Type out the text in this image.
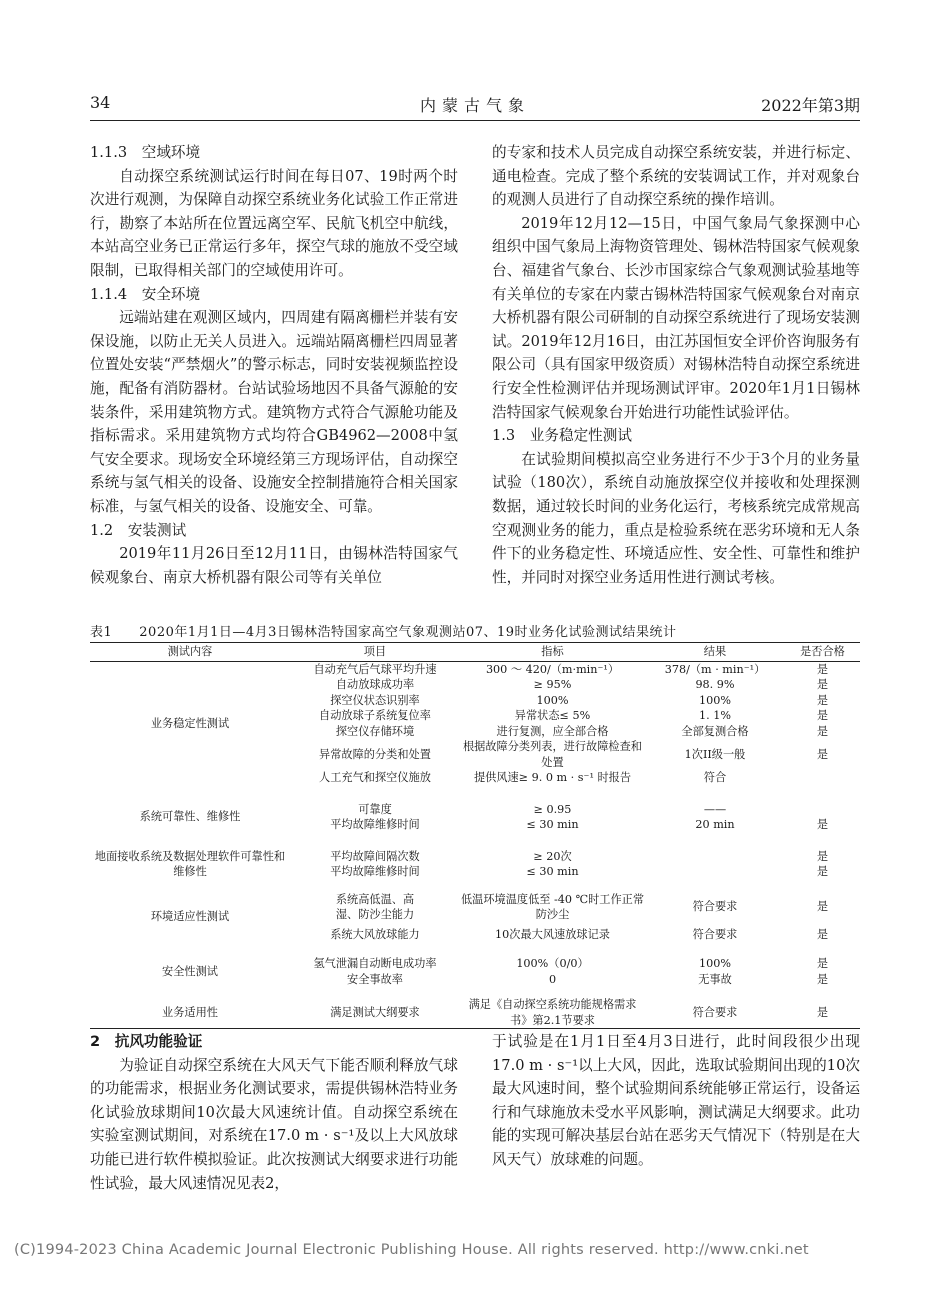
34	内蒙古气象	2022年第3期

1.1.3　空域环境

自动探空系统测试运行时间在每日07、19时两个时次进行观测，为保障自动探空系统业务化试验工作正常进行，勘察了本站所在位置远离空军、民航飞机空中航线，本站高空业务已正常运行多年，探空气球的施放不受空域限制，已取得相关部门的空域使用许可。

1.1.4　安全环境

远端站建在观测区域内，四周建有隔离栅栏并装有安保设施，以防止无关人员进入。远端站隔离栅栏四周显著位置处安装“严禁烟火”的警示标志，同时安装视频监控设施，配备有消防器材。台站试验场地因不具备气源舱的安装条件，采用建筑物方式。建筑物方式符合气源舱功能及指标需求。采用建筑物方式均符合GB4962—2008中氢气安全要求。现场安全环境经第三方现场评估，自动探空系统与氢气相关的设备、设施安全控制措施符合相关国家标准，与氢气相关的设备、设施安全、可靠。

1.2　安装测试

2019年11月26日至12月11日，由锡林浩特国家气候观象台、南京大桥机器有限公司等有关单位

的专家和技术人员完成自动探空系统安装，并进行标定、通电检查。完成了整个系统的安装调试工作，并对观象台的观测人员进行了自动探空系统的操作培训。

2019年12月12—15日，中国气象局气象探测中心组织中国气象局上海物资管理处、锡林浩特国家气候观象台、福建省气象台、长沙市国家综合气象观测试验基地等有关单位的专家在内蒙古锡林浩特国家气候观象台对南京大桥机器有限公司研制的自动探空系统进行了现场安装测试。2019年12月16日，由江苏国恒安全评价咨询服务有限公司（具有国家甲级资质）对锡林浩特自动探空系统进行安全性检测评估并现场测试评审。2020年1月1日锡林浩特国家气候观象台开始进行功能性试验评估。

1.3　业务稳定性测试

在试验期间模拟高空业务进行不少于3个月的业务量试验（180次），系统自动施放探空仪并接收和处理探测数据，通过较长时间的业务化运行，考核系统完成常规高空观测业务的能力，重点是检验系统在恶劣环境和无人条件下的业务稳定性、环境适应性、安全性、可靠性和维护性，并同时对探空业务适用性进行测试考核。

表1　　2020年1月1日—4月3日锡林浩特国家高空气象观测站07、19时业务化试验测试结果统计
测试内容	项目	指标	结果	是否合格
业务稳定性测试	自动充气后气球平均升速	300 ～ 420/（m·min⁻¹）	378/（m · min⁻¹）	是
	自动放球成功率	≥ 95%	98. 9%	是
	探空仪状态识别率	100%	100%	是
	自动放球子系统复位率	异常状态≤ 5%	1. 1%	是
	探空仪存储环境	进行复测，应全部合格	全部复测合格	是
	异常故障的分类和处置	根据故障分类列表，进行故障检查和处置	1次II级一般	是
	人工充气和探空仪施放	提供风速≥ 9. 0 m · s⁻¹ 时报告	符合	

系统可靠性、维修性	可靠度	≥ 0.95	——	
	平均故障维修时间	≤ 30 min	20 min	是

地面接收系统及数据处理软件可靠性和维修性	平均故障间隔次数	≥ 20次		是
	平均故障维修时间	≤ 30 min		是

环境适应性测试	系统高低温、高湿、防沙尘能力	低温环境温度低至 -40 ℃时工作正常防沙尘	符合要求	是

	系统大风放球能力	10次最大风速放球记录	符合要求	是

安全性测试	氢气泄漏自动断电成功率	100%（0/0）	100%	是
	安全事故率	0	无事故	是

业务适用性	满足测试大纲要求	满足《自动探空系统功能规格需求书》第2.1节要求	符合要求	是

2　抗风功能验证

为验证自动探空系统在大风天气下能否顺利释放气球的功能需求，根据业务化测试要求，需提供锡林浩特业务化试验放球期间10次最大风速统计值。自动探空系统在实验室测试期间，对系统在17.0 m · s⁻¹及以上大风放球功能已进行软件模拟验证。此次按测试大纲要求进行功能性试验，最大风速情况见表2，

于试验是在1月1日至4月3日进行，此时间段很少出现17.0 m · s⁻¹以上大风，因此，选取试验期间出现的10次最大风速时间，整个试验期间系统能够正常运行，设备运行和气球施放未受水平风影响，测试满足大纲要求。此功能的实现可解决基层台站在恶劣天气情况下（特别是在大风天气）放球难的问题。

(C)1994-2023 China Academic Journal Electronic Publishing House. All rights reserved. http://www.cnki.net
